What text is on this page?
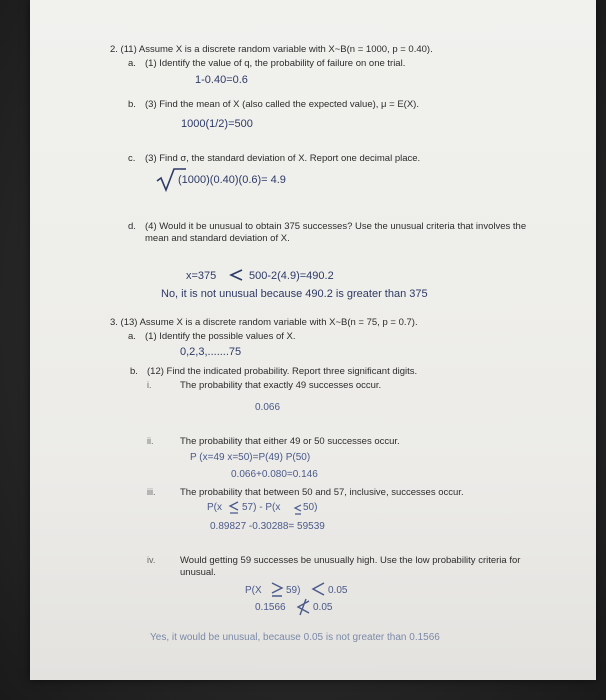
2. (11) Assume X is a discrete random variable with X~B(n = 1000, p = 0.40).
a. (1) Identify the value of q, the probability of failure on one trial.
1-0.40=0.6
b. (3) Find the mean of X (also called the expected value), μ = E(X).
1000(1/2)=500
c. (3) Find σ, the standard deviation of X. Report one decimal place.
(1000)(0.40)(0.6)= 4.9
d. (4) Would it be unusual to obtain 375 successes? Use the unusual criteria that involves the
mean and standard deviation of X.
x=375	500-2(4.9)=490.2
No, it is not unusual because 490.2 is greater than 375
3. (13) Assume X is a discrete random variable with X~B(n = 75, p = 0.7).
a. (1) Identify the possible values of X.
0,2,3,.......75
b. (12) Find the indicated probability. Report three significant digits.
i.	The probability that exactly 49 successes occur.
0.066
ii.	The probability that either 49 or 50 successes occur.
P (x=49 x=50)=P(49) P(50)
0.066+0.080=0.146
iii.	The probability that between 50 and 57, inclusive, successes occur.
P(x 57) - P(x 50)
0.89827 -0.30288= 59539
iv.	Would getting 59 successes be unusually high. Use the low probability criteria for
unusual.
P(X 59)	0.05
0.1566	0.05
Yes, it would be unusual, because 0.05 is not greater than 0.1566
